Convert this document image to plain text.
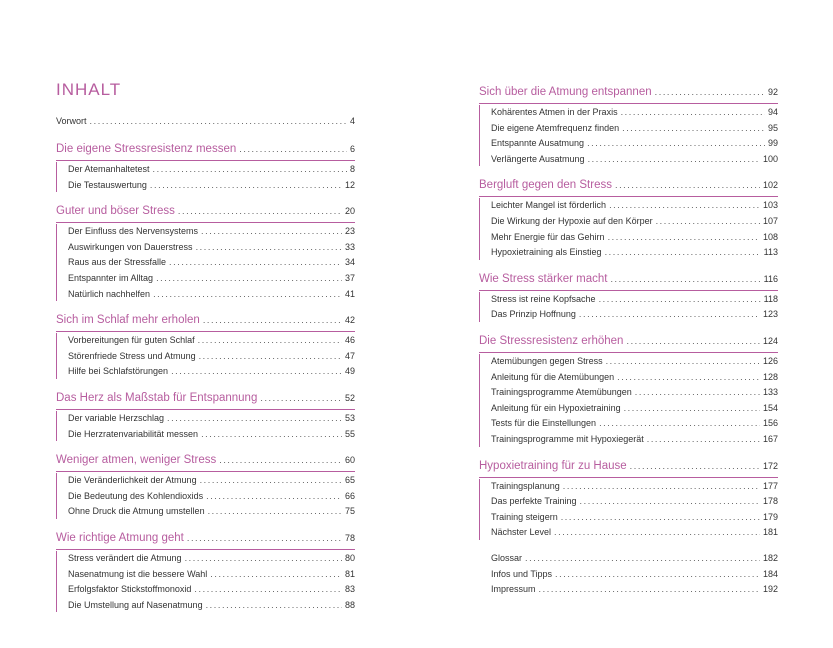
INHALT
Vorwort .....	4
Die eigene Stressresistenz messen .....	6
Der Atemanhaltetest .....	8
Die Testauswertung .....	12
Guter und böser Stress .....	20
Der Einfluss des Nervensystems .....	23
Auswirkungen von Dauerstress .....	33
Raus aus der Stressfalle .....	34
Entspannter im Alltag .....	37
Natürlich nachhelfen .....	41
Sich im Schlaf mehr erholen .....	42
Vorbereitungen für guten Schlaf .....	46
Störenfriede Stress und Atmung .....	47
Hilfe bei Schlafstörungen .....	49
Das Herz als Maßstab für Entspannung .....	52
Der variable Herzschlag .....	53
Die Herzratenvariabilität messen .....	55
Weniger atmen, weniger Stress .....	60
Die Veränderlichkeit der Atmung .....	65
Die Bedeutung des Kohlendioxids .....	66
Ohne Druck die Atmung umstellen .....	75
Wie richtige Atmung geht .....	78
Stress verändert die Atmung .....	80
Nasenatmung ist die bessere Wahl .....	81
Erfolgsfaktor Stickstoffmonoxid .....	83
Die Umstellung auf Nasenatmung .....	88
Sich über die Atmung entspannen .....	92
Kohärentes Atmen in der Praxis .....	94
Die eigene Atemfrequenz finden .....	95
Entspannte Ausatmung .....	99
Verlängerte Ausatmung .....	100
Bergluft gegen den Stress .....	102
Leichter Mangel ist förderlich .....	103
Die Wirkung der Hypoxie auf den Körper .....	107
Mehr Energie für das Gehirn .....	108
Hypoxietraining als Einstieg .....	113
Wie Stress stärker macht .....	116
Stress ist reine Kopfsache .....	118
Das Prinzip Hoffnung .....	123
Die Stressresistenz erhöhen .....	124
Atemübungen gegen Stress .....	126
Anleitung für die Atemübungen .....	128
Trainingsprogramme Atemübungen .....	133
Anleitung für ein Hypoxietraining .....	154
Tests für die Einstellungen .....	156
Trainingsprogramme mit Hypoxiegerät .....	167
Hypoxietraining für zu Hause .....	172
Trainingsplanung .....	177
Das perfekte Training .....	178
Training steigern .....	179
Nächster Level .....	181
Glossar .....	182
Infos und Tipps .....	184
Impressum .....	192
